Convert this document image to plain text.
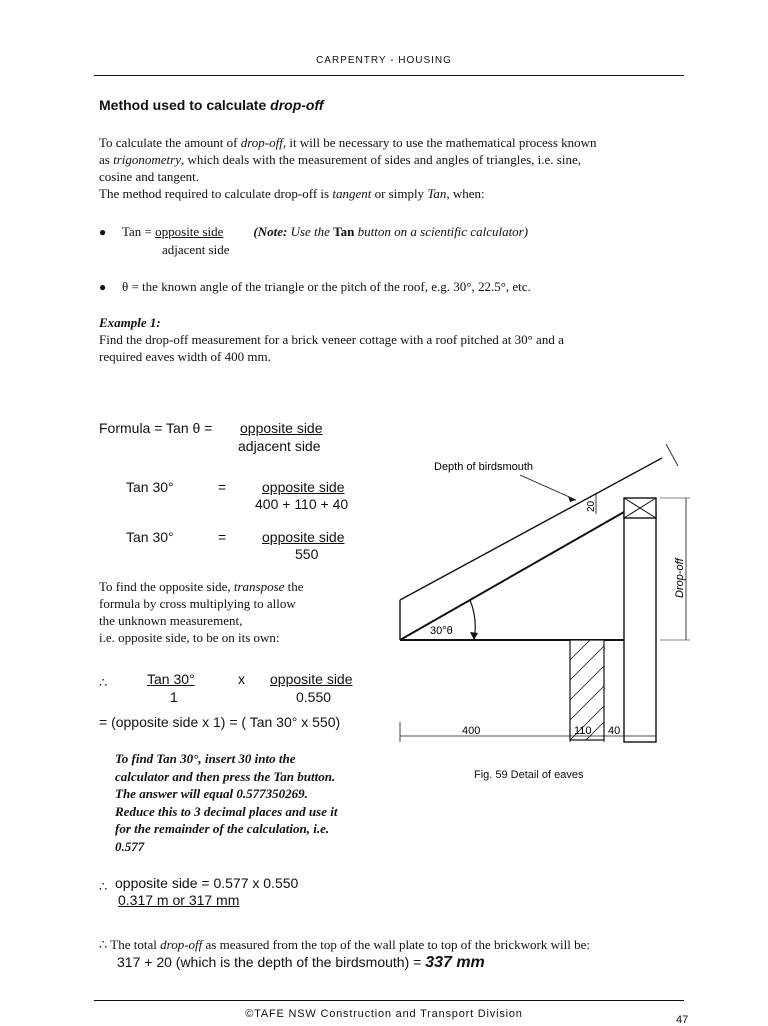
CARPENTRY - HOUSING
Method used to calculate drop-off
To calculate the amount of drop-off, it will be necessary to use the mathematical process known
as trigonometry, which deals with the measurement of sides and angles of triangles, i.e. sine,
cosine and tangent.
The method required to calculate drop-off is tangent or simply Tan, when:
● Tan = opposite side (Note: Use the Tan button on a scientific calculator)
adjacent side
● θ = the known angle of the triangle or the pitch of the roof, e.g. 30°, 22.5°, etc.
Example 1:
Find the drop-off measurement for a brick veneer cottage with a roof pitched at 30° and a
required eaves width of 400 mm.
Formula = Tan θ = opposite side
adjacent side
Tan 30°	=	opposite side
400 + 110 + 40
Tan 30°	=	opposite side
550
To find the opposite side, transpose the
formula by cross multiplying to allow
the unknown measurement,
i.e. opposite side, to be on its own:
∴	Tan 30°
1
x opposite side
0.550
= (opposite side x 1) = ( Tan 30° x 550)
To find Tan 30°, insert 30 into the
calculator and then press the Tan button.
The answer will equal 0.577350269.
Reduce this to 3 decimal places and use it
for the remainder of the calculation, i.e.
0.577
∴ opposite side = 0.577 x 0.550
0.317 m or 317 mm
∴ The total drop-off as measured from the top of the wall plate to top of the brickwork will be:
317 + 20 (which is the depth of the birdsmouth) = 337 mm
30°θ
Depth of birdsmouth
20
Drop-off
400	110 40
Fig. 59 Detail of eaves
©TAFE NSW Construction and Transport Division	47
